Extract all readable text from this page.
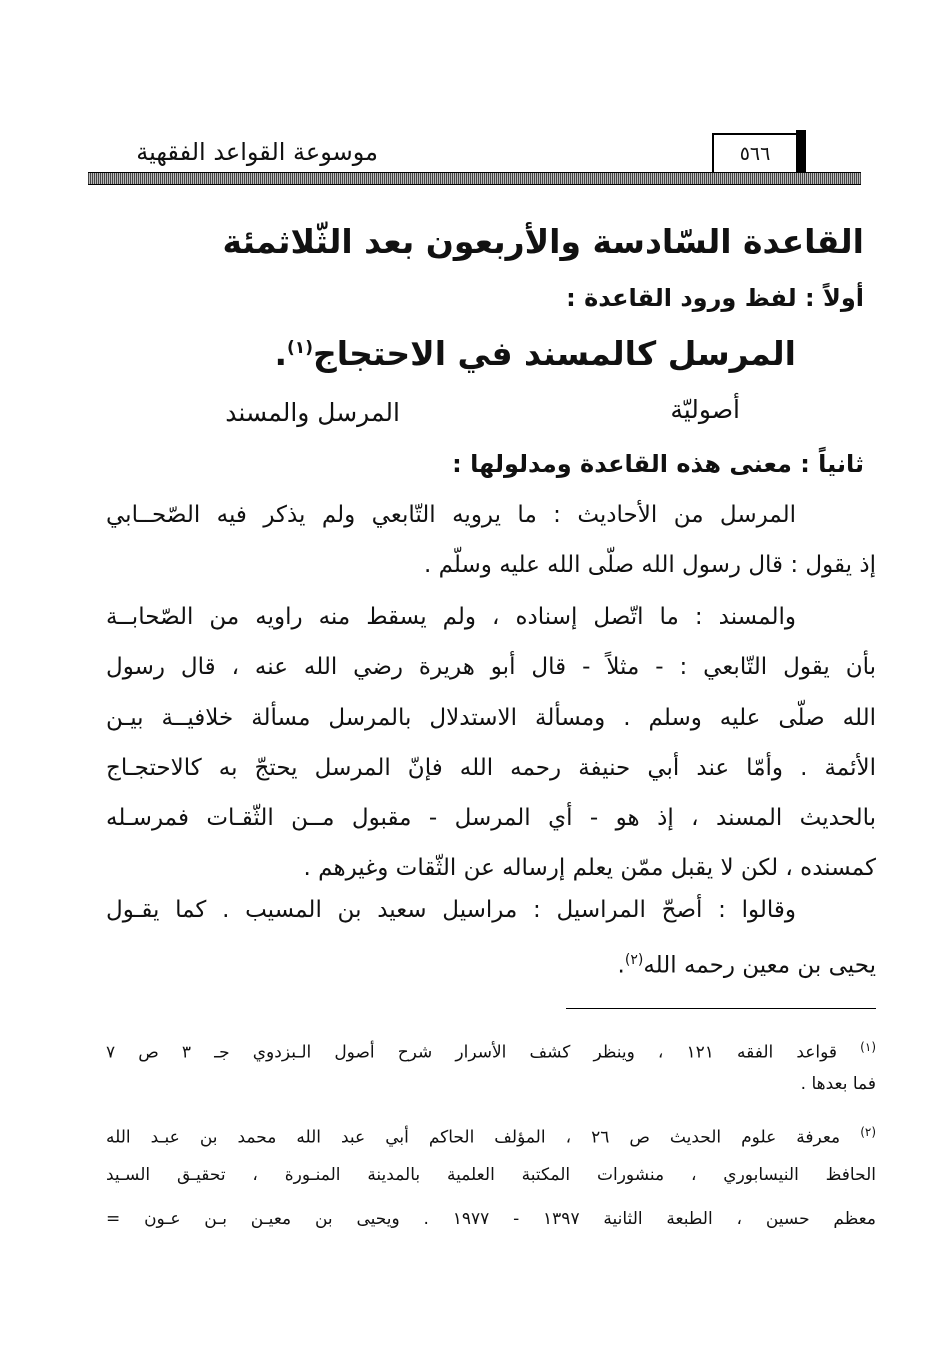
موسوعة القواعد الفقهية	٥٦٦
القاعدة السّادسة والأربعون بعد الثّلاثمئة
أولاً : لفظ ورود القاعدة :
المرسل كالمسند في الاحتجاج$^{(١)}$.
أصوليّة
المرسل والمسند
ثانياً : معنى هذه القاعدة ومدلولها :
المرسل من الأحاديث : ما يرويه التّابعي ولم يذكر فيه الصّحــابي
إذ يقول : قال رسول الله صلّى الله عليه وسلّم .
والمسند : ما اتّصل إسناده ، ولم يسقط منه راويه من الصّحابــة
بأن يقول التّابعي : - مثلاً - قال أبو هريرة رضي الله عنه ، قال رسول
الله صلّى عليه وسلم . ومسألة الاستدلال بالمرسل مسألة خلافيــة بيـن
الأئمة . وأمّا عند أبي حنيفة رحمه الله فإنّ المرسل يحتجّ به كالاحتجـاج
بالحديث المسند ، إذ هو - أي المرسل - مقبول مــن الثّقـات فمرسـله
كمسنده ، لكن لا يقبل ممّن يعلم إرساله عن الثّقات وغيرهم .
وقالوا : أصحّ المراسيل : مراسيل سعيد بن المسيب . كما يقـول
يحيى بن معين رحمه الله$^{(٢)}$.
$^{(١)}$ قواعد الفقه ١٢١ ، وينظر كشف الأسرار شرح أصول الـبزدوي جـ ٣ ص ٧
فما بعدها .
$^{(٢)}$ معرفة علوم الحديث ص ٢٦ ، المؤلف الحاكم أبي عبد الله محمد بن عبـد الله
الحافظ النيسابوري ، منشورات المكتبة العلمية بالمدينة المنـورة ، تحقيـق السـيد
معظم حسين ، الطبعة الثانية ١٣٩٧ - ١٩٧٧ . ويحيى بن معيـن بـن عـون =
